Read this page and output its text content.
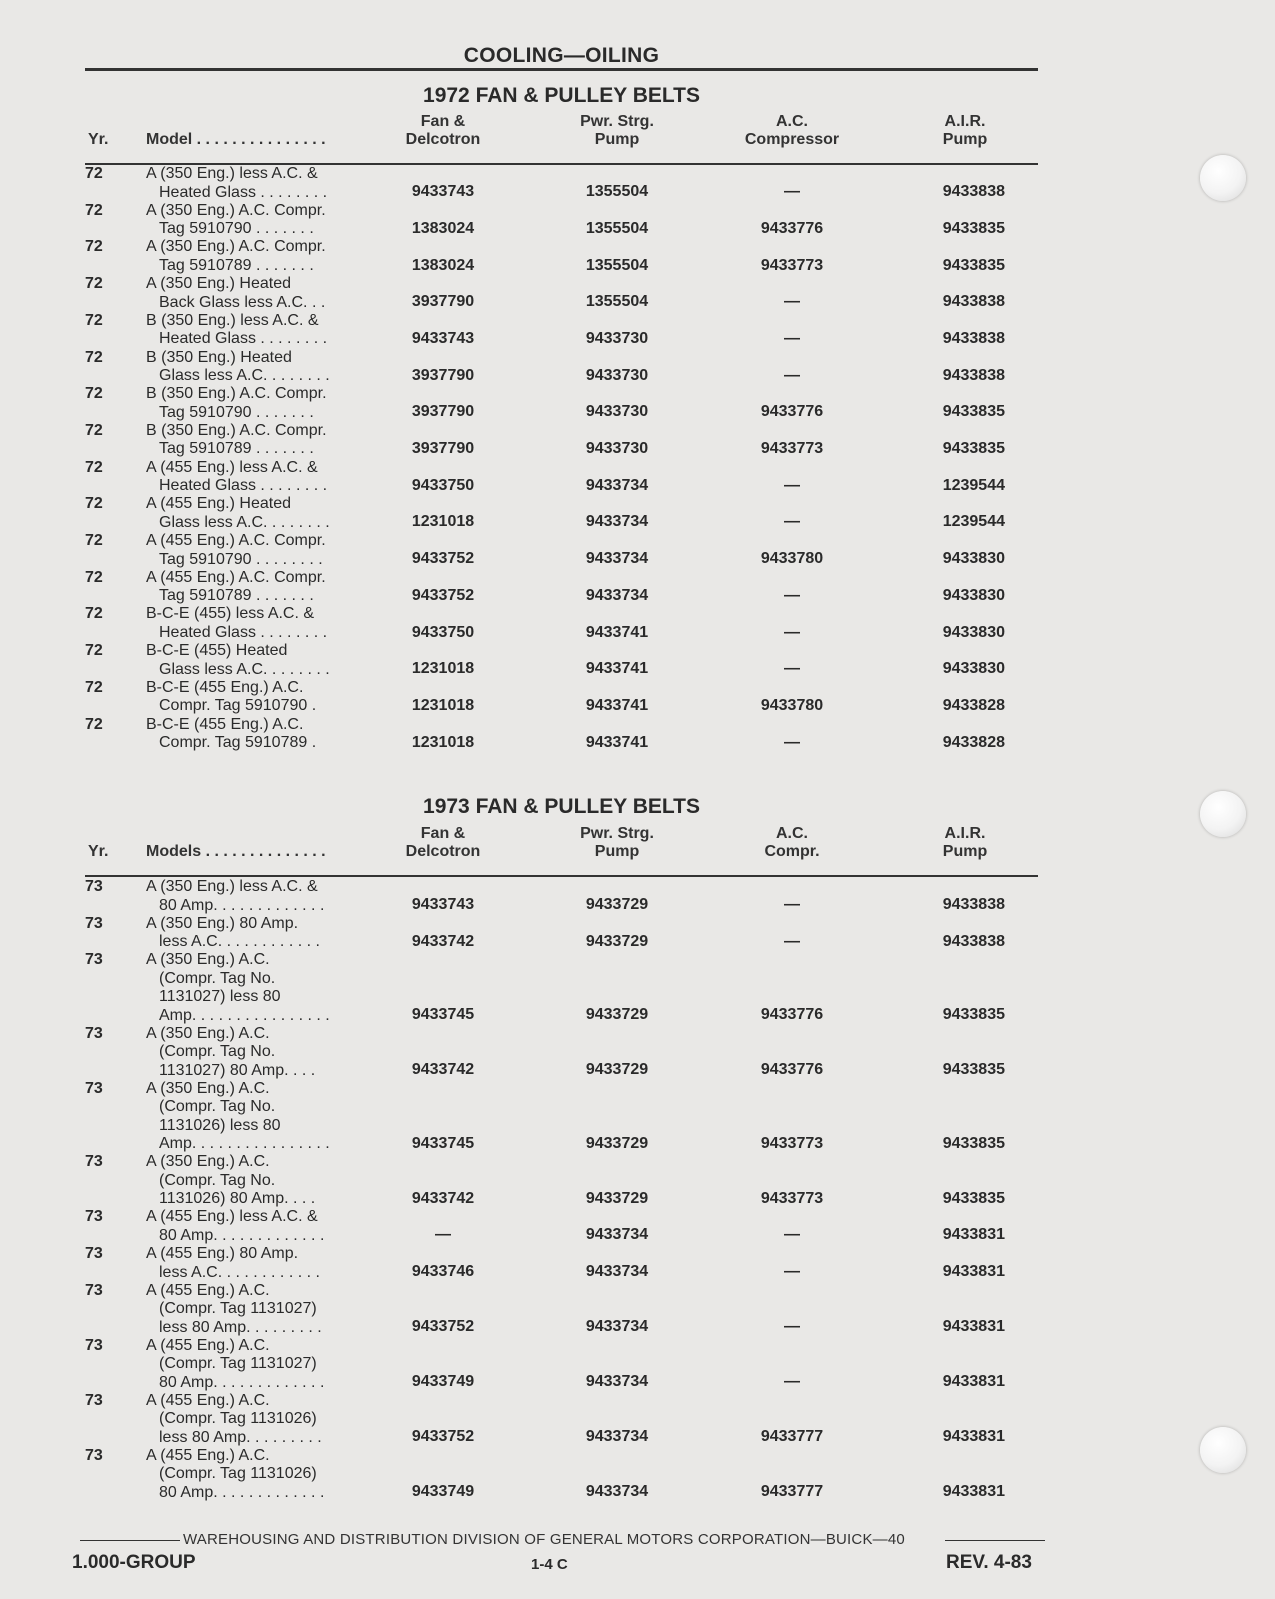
COOLING—OILING
1972 FAN & PULLEY BELTS
Yr. Model . . . . . . . . . . . . . . .
Fan &
Delcotron
Pwr. Strg.
Pump
A.C.
Compressor
A.I.R.
Pump
72	A (350 Eng.) less A.C. &
Heated Glass . . . . . . . .	9433743	1355504	—	9433838
72	A (350 Eng.) A.C. Compr.
Tag 5910790 . . . . . . .	1383024	1355504	9433776	9433835
72	A (350 Eng.) A.C. Compr.
Tag 5910789 . . . . . . .	1383024	1355504	9433773	9433835
72	A (350 Eng.) Heated
Back Glass less A.C. . .	3937790	1355504	—	9433838
72	B (350 Eng.) less A.C. &
Heated Glass . . . . . . . .	9433743	9433730	—	9433838
72	B (350 Eng.) Heated
Glass less A.C. . . . . . . .	3937790	9433730	—	9433838
72	B (350 Eng.) A.C. Compr.
Tag 5910790 . . . . . . .	3937790	9433730	9433776	9433835
72	B (350 Eng.) A.C. Compr.
Tag 5910789 . . . . . . .	3937790	9433730	9433773	9433835
72	A (455 Eng.) less A.C. &
Heated Glass . . . . . . . .	9433750	9433734	—	1239544
72	A (455 Eng.) Heated
Glass less A.C. . . . . . . .	1231018	9433734	—	1239544
72	A (455 Eng.) A.C. Compr.
Tag 5910790 . . . . . . . .	9433752	9433734	9433780	9433830
72	A (455 Eng.) A.C. Compr.
Tag 5910789 . . . . . . .	9433752	9433734	—	9433830
72	B-C-E (455) less A.C. &
Heated Glass . . . . . . . .	9433750	9433741	—	9433830
72	B-C-E (455) Heated
Glass less A.C. . . . . . . .	1231018	9433741	—	9433830
72	B-C-E (455 Eng.) A.C.
Compr. Tag 5910790 .	1231018	9433741	9433780	9433828
72	B-C-E (455 Eng.) A.C.
Compr. Tag 5910789 .	1231018	9433741	—	9433828
1973 FAN & PULLEY BELTS
Yr. Models . . . . . . . . . . . . . .
Fan &
Delcotron
Pwr. Strg.
Pump
A.C.
Compr.
A.I.R.
Pump
73	A (350 Eng.) less A.C. &
80 Amp. . . . . . . . . . . . .	9433743	9433729	—	9433838
73	A (350 Eng.) 80 Amp.
less A.C. . . . . . . . . . . .	9433742	9433729	—	9433838
73	A (350 Eng.) A.C.
(Compr. Tag No.
1131027) less 80
Amp. . . . . . . . . . . . . . . .	9433745	9433729	9433776	9433835
73	A (350 Eng.) A.C.
(Compr. Tag No.
1131027) 80 Amp. . . .	9433742	9433729	9433776	9433835
73	A (350 Eng.) A.C.
(Compr. Tag No.
1131026) less 80
Amp. . . . . . . . . . . . . . . .	9433745	9433729	9433773	9433835
73	A (350 Eng.) A.C.
(Compr. Tag No.
1131026) 80 Amp. . . .	9433742	9433729	9433773	9433835
73	A (455 Eng.) less A.C. &
80 Amp. . . . . . . . . . . . .	—	9433734	—	9433831
73	A (455 Eng.) 80 Amp.
less A.C. . . . . . . . . . . .	9433746	9433734	—	9433831
73	A (455 Eng.) A.C.
(Compr. Tag 1131027)
less 80 Amp. . . . . . . . .	9433752	9433734	—	9433831
73	A (455 Eng.) A.C.
(Compr. Tag 1131027)
80 Amp. . . . . . . . . . . . .	9433749	9433734	—	9433831
73	A (455 Eng.) A.C.
(Compr. Tag 1131026)
less 80 Amp. . . . . . . . .	9433752	9433734	9433777	9433831
73	A (455 Eng.) A.C.
(Compr. Tag 1131026)
80 Amp. . . . . . . . . . . . .	9433749	9433734	9433777	9433831
WAREHOUSING AND DISTRIBUTION DIVISION OF GENERAL MOTORS CORPORATION—BUICK—40
1.000-GROUP	1-4 C	REV. 4-83
